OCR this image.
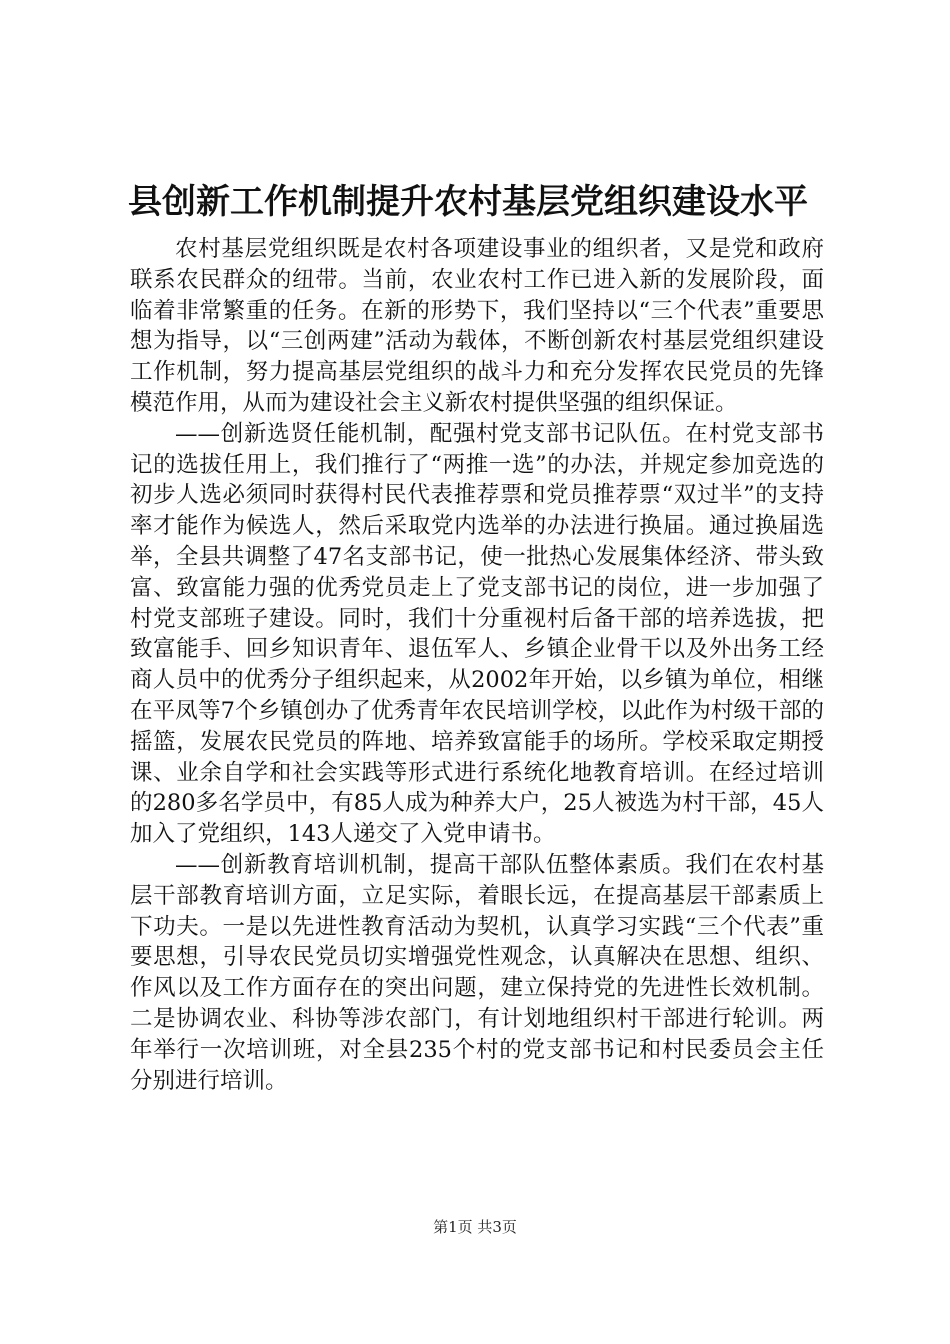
县创新工作机制提升农村基层党组织建设水平

农村基层党组织既是农村各项建设事业的组织者，又是党和政府联系农民群众的纽带。当前，农业农村工作已进入新的发展阶段，面临着非常繁重的任务。在新的形势下，我们坚持以“三个代表”重要思想为指导，以“三创两建”活动为载体，不断创新农村基层党组织建设工作机制，努力提高基层党组织的战斗力和充分发挥农民党员的先锋模范作用，从而为建设社会主义新农村提供坚强的组织保证。

——创新选贤任能机制，配强村党支部书记队伍。在村党支部书记的选拔任用上，我们推行了“两推一选”的办法，并规定参加竞选的初步人选必须同时获得村民代表推荐票和党员推荐票“双过半”的支持率才能作为候选人，然后采取党内选举的办法进行换届。通过换届选举，全县共调整了47名支部书记，使一批热心发展集体经济、带头致富、致富能力强的优秀党员走上了党支部书记的岗位，进一步加强了村党支部班子建设。同时，我们十分重视村后备干部的培养选拔，把致富能手、回乡知识青年、退伍军人、乡镇企业骨干以及外出务工经商人员中的优秀分子组织起来，从2002年开始，以乡镇为单位，相继在平凤等7个乡镇创办了优秀青年农民培训学校，以此作为村级干部的摇篮，发展农民党员的阵地、培养致富能手的场所。学校采取定期授课、业余自学和社会实践等形式进行系统化地教育培训。在经过培训的280多名学员中，有85人成为种养大户，25人被选为村干部，45人加入了党组织，143人递交了入党申请书。

——创新教育培训机制，提高干部队伍整体素质。我们在农村基层干部教育培训方面，立足实际，着眼长远，在提高基层干部素质上下功夫。一是以先进性教育活动为契机，认真学习实践“三个代表”重要思想，引导农民党员切实增强党性观念，认真解决在思想、组织、作风以及工作方面存在的突出问题，建立保持党的先进性长效机制。二是协调农业、科协等涉农部门，有计划地组织村干部进行轮训。两年举行一次培训班，对全县235个村的党支部书记和村民委员会主任分别进行培训。

第1页 共3页
